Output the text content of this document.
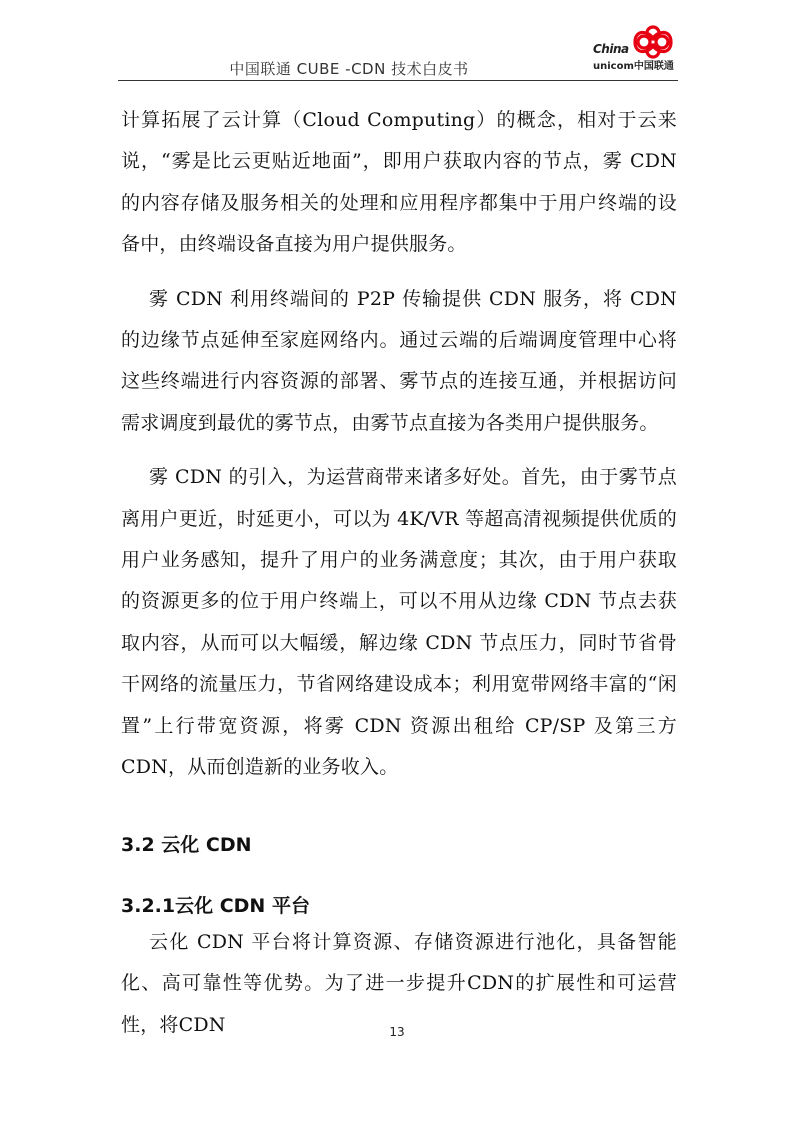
中国联通 CUBE -CDN 技术白皮书
China
unicom中国联通

计算拓展了云计算（Cloud Computing）的概念，相对于云来说，“雾是比云更贴近地面”，即用户获取内容的节点，雾 CDN 的内容存储及服务相关的处理和应用程序都集中于用户终端的设备中，由终端设备直接为用户提供服务。

雾 CDN 利用终端间的 P2P 传输提供 CDN 服务，将 CDN 的边缘节点延伸至家庭网络内。通过云端的后端调度管理中心将这些终端进行内容资源的部署、雾节点的连接互通，并根据访问需求调度到最优的雾节点，由雾节点直接为各类用户提供服务。

雾 CDN 的引入，为运营商带来诸多好处。首先，由于雾节点离用户更近，时延更小，可以为 4K/VR 等超高清视频提供优质的用户业务感知，提升了用户的业务满意度；其次，由于用户获取的资源更多的位于用户终端上，可以不用从边缘 CDN 节点去获取内容，从而可以大幅缓，解边缘 CDN 节点压力，同时节省骨干网络的流量压力，节省网络建设成本；利用宽带网络丰富的“闲置”上行带宽资源，将雾 CDN 资源出租给 CP/SP 及第三方 CDN，从而创造新的业务收入。

3.2 云化 CDN
3.2.1云化 CDN 平台

云化 CDN 平台将计算资源、存储资源进行池化，具备智能化、高可靠性等优势。为了进一步提升CDN的扩展性和可运营性，将CDN	13
